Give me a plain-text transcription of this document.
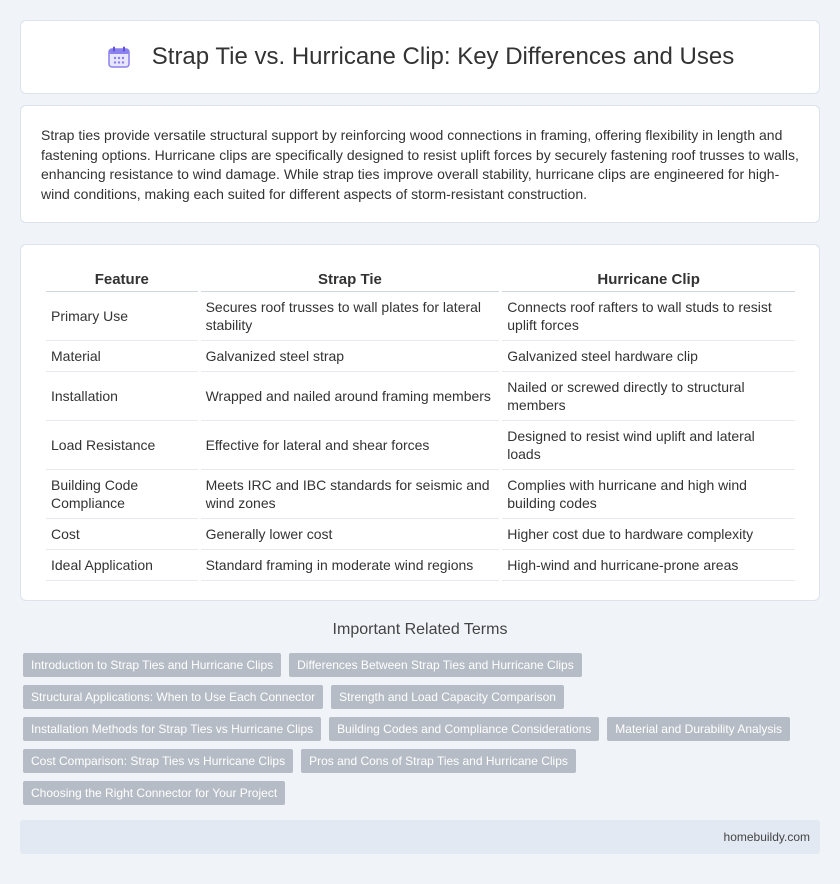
Strap Tie vs. Hurricane Clip: Key Differences and Uses

Strap ties provide versatile structural support by reinforcing wood connections in framing, offering flexibility in length and fastening options. Hurricane clips are specifically designed to resist uplift forces by securely fastening roof trusses to walls, enhancing resistance to wind damage. While strap ties improve overall stability, hurricane clips are engineered for high-wind conditions, making each suited for different aspects of storm-resistant construction.

Feature	Strap Tie	Hurricane Clip
Primary Use	Secures roof trusses to wall plates for lateral stability	Connects roof rafters to wall studs to resist uplift forces
Material	Galvanized steel strap	Galvanized steel hardware clip
Installation	Wrapped and nailed around framing members	Nailed or screwed directly to structural members
Load Resistance	Effective for lateral and shear forces	Designed to resist wind uplift and lateral loads
Building Code Compliance	Meets IRC and IBC standards for seismic and wind zones	Complies with hurricane and high wind building codes
Cost	Generally lower cost	Higher cost due to hardware complexity
Ideal Application	Standard framing in moderate wind regions	High-wind and hurricane-prone areas
Important Related Terms
Introduction to Strap Ties and Hurricane Clips	Differences Between Strap Ties and Hurricane Clips
Structural Applications: When to Use Each Connector	Strength and Load Capacity Comparison
Installation Methods for Strap Ties vs Hurricane Clips	Building Codes and Compliance Considerations	Material and Durability Analysis
Cost Comparison: Strap Ties vs Hurricane Clips	Pros and Cons of Strap Ties and Hurricane Clips
Choosing the Right Connector for Your Project
homebuildy.com
